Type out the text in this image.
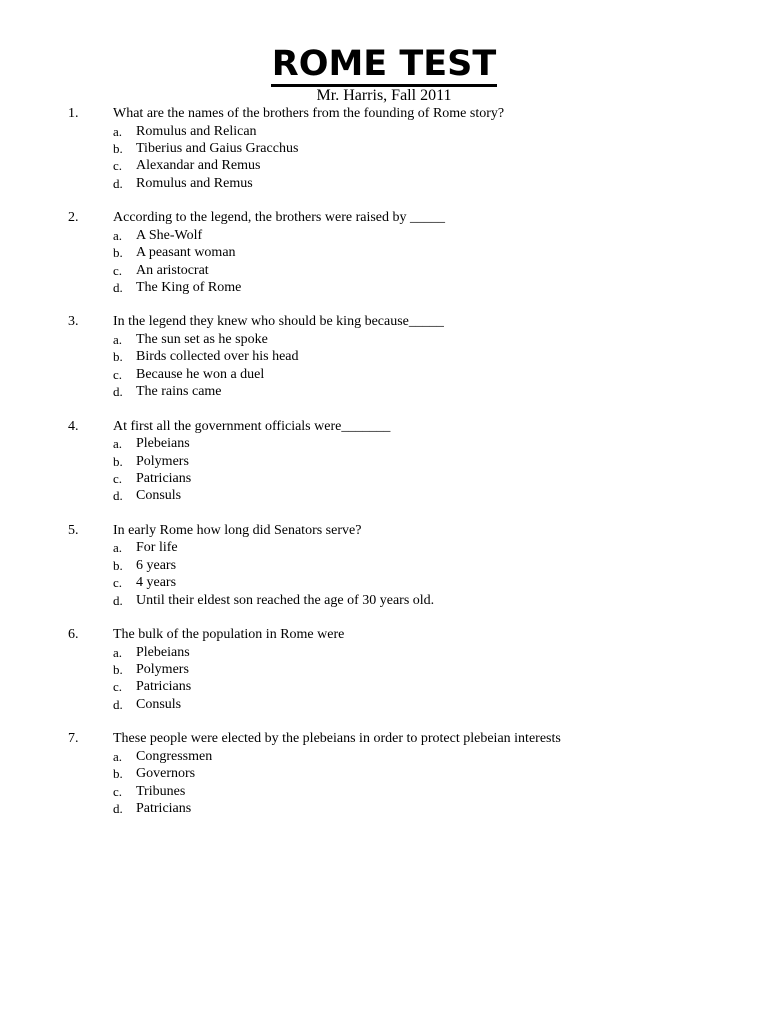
ROME TEST
Mr. Harris, Fall 2011
1. What are the names of the brothers from the founding of Rome story?
a. Romulus and Relican
b. Tiberius and Gaius Gracchus
c. Alexandar and Remus
d. Romulus and Remus
2. According to the legend, the brothers were raised by _____
a. A She-Wolf
b. A peasant woman
c. An aristocrat
d. The King of Rome
3. In the legend they knew who should be king because_____
a. The sun set as he spoke
b. Birds collected over his head
c. Because he won a duel
d. The rains came
4. At first all the government officials were_______
a. Plebeians
b. Polymers
c. Patricians
d. Consuls
5. In early Rome how long did Senators serve?
a. For life
b. 6 years
c. 4 years
d. Until their eldest son reached the age of 30 years old.
6. The bulk of the population in Rome were
a. Plebeians
b. Polymers
c. Patricians
d. Consuls
7. These people were elected by the plebeians in order to protect plebeian interests
a. Congressmen
b. Governors
c. Tribunes
d. Patricians
